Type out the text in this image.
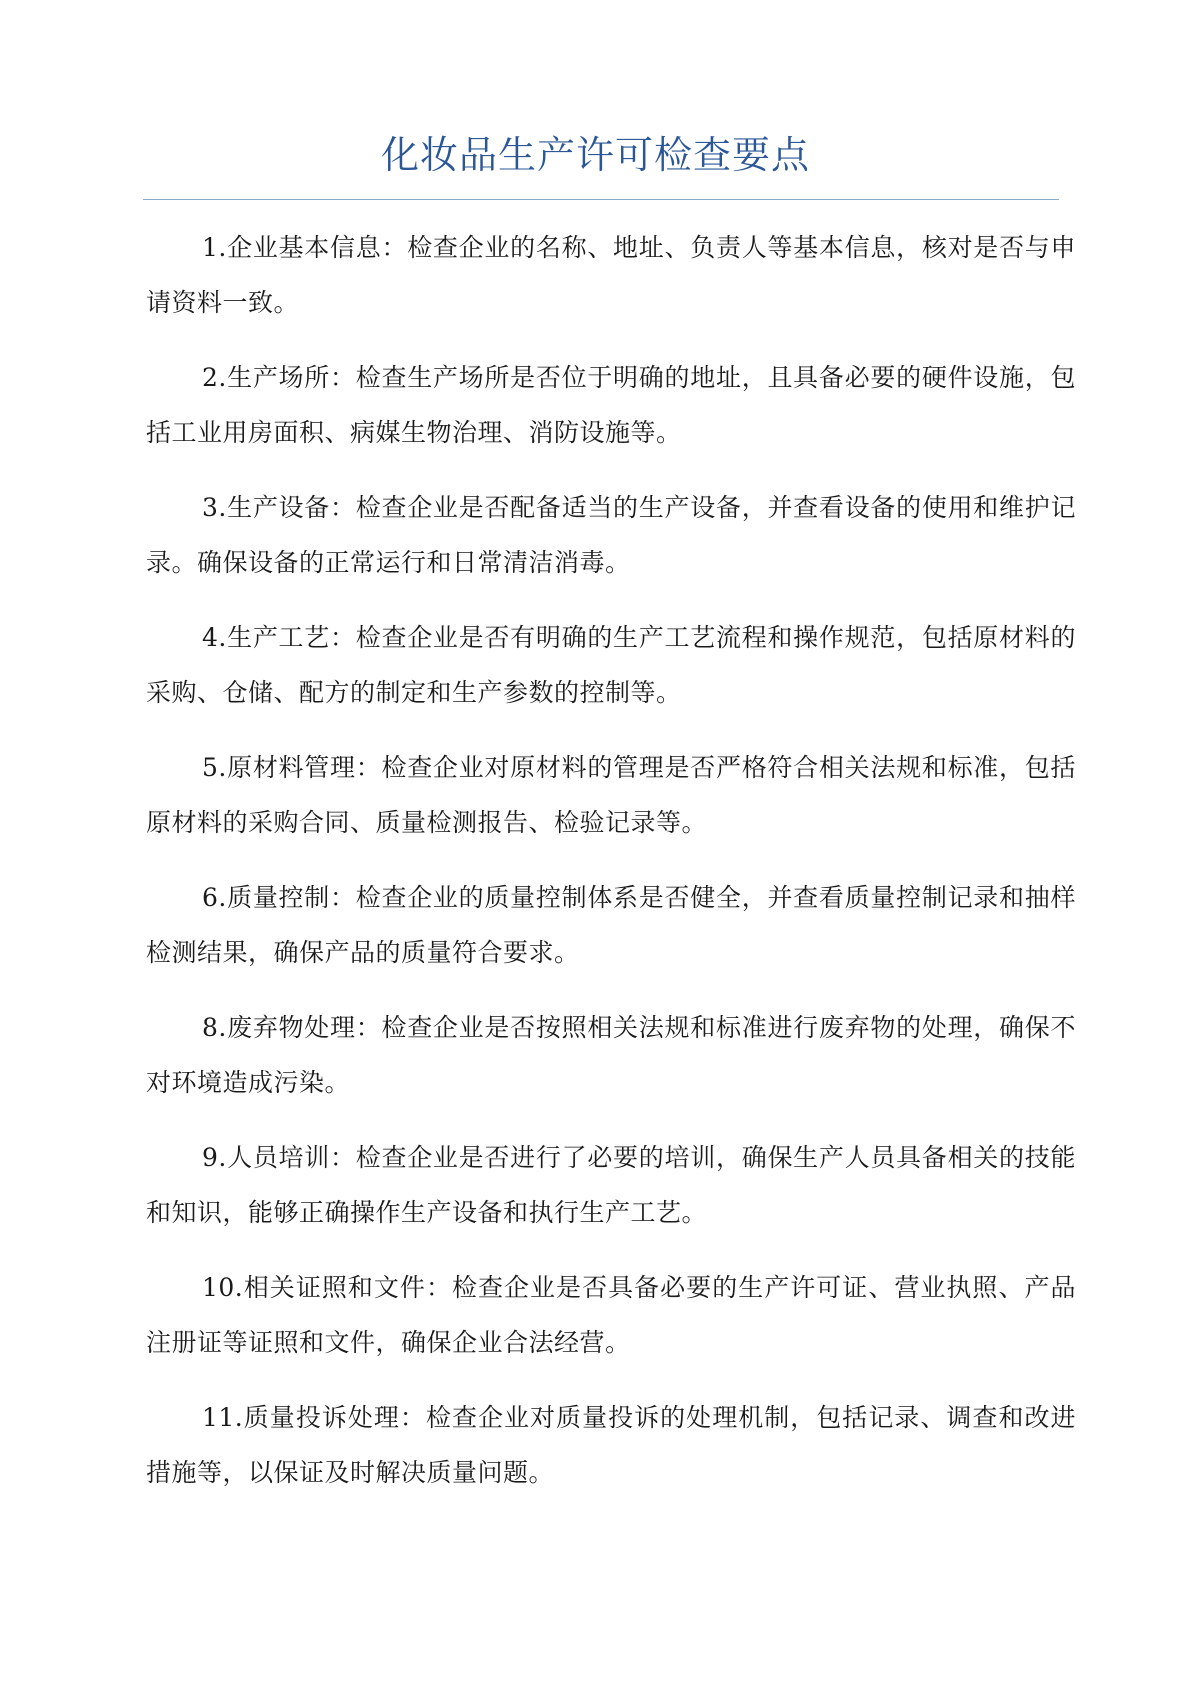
化妆品生产许可检查要点

1.企业基本信息：检查企业的名称、地址、负责人等基本信息，核对是否与申请资料一致。

2.生产场所：检查生产场所是否位于明确的地址，且具备必要的硬件设施，包括工业用房面积、病媒生物治理、消防设施等。

3.生产设备：检查企业是否配备适当的生产设备，并查看设备的使用和维护记录。确保设备的正常运行和日常清洁消毒。

4.生产工艺：检查企业是否有明确的生产工艺流程和操作规范，包括原材料的采购、仓储、配方的制定和生产参数的控制等。

5.原材料管理：检查企业对原材料的管理是否严格符合相关法规和标准，包括原材料的采购合同、质量检测报告、检验记录等。

6.质量控制：检查企业的质量控制体系是否健全，并查看质量控制记录和抽样检测结果，确保产品的质量符合要求。

8.废弃物处理：检查企业是否按照相关法规和标准进行废弃物的处理，确保不对环境造成污染。

9.人员培训：检查企业是否进行了必要的培训，确保生产人员具备相关的技能和知识，能够正确操作生产设备和执行生产工艺。

10.相关证照和文件：检查企业是否具备必要的生产许可证、营业执照、产品注册证等证照和文件，确保企业合法经营。

11.质量投诉处理：检查企业对质量投诉的处理机制，包括记录、调查和改进措施等，以保证及时解决质量问题。
